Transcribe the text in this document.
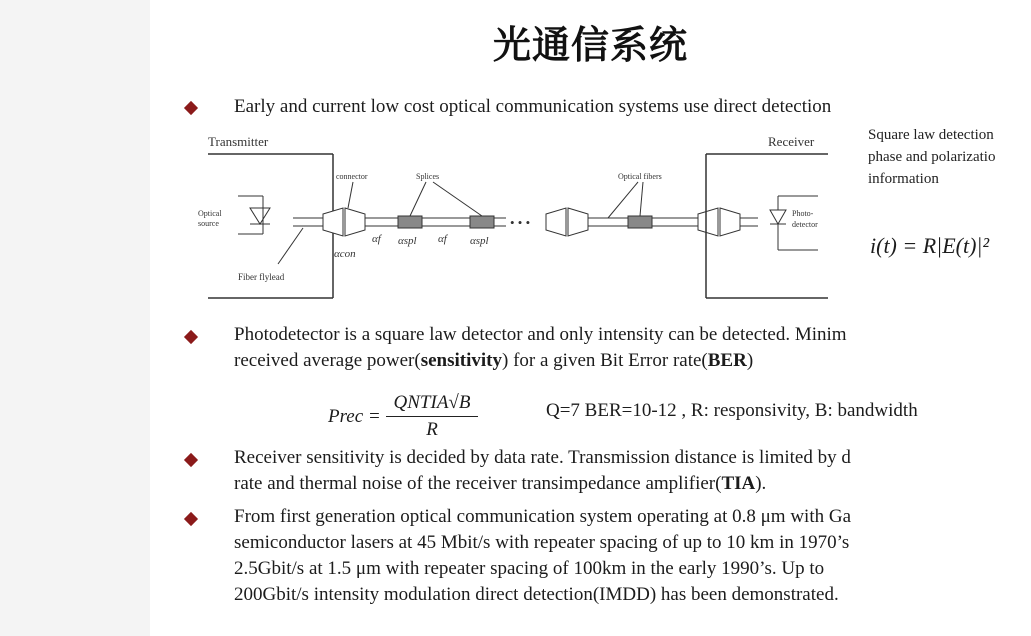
光通信系统
Early and current low cost optical communication systems use direct detection
Transmitter
Optical
source	• • •
Receiver
Photo-
detector
connector	Splices	Optical fibers
Fiber flylead
αcon
αf αspl αf αspl
Square law detection
phase and polarizatio
information
i(t) = R|E(t)|²
Photodetector is a square law detector and only intensity can be detected. Minim
received average power(sensitivity) for a given Bit Error rate(BER)
Prec =
QNTIA√B
R
Q=7 BER=10-12 , R: responsivity, B: bandwidth
Receiver sensitivity is decided by data rate. Transmission distance is limited by d
rate and thermal noise of the receiver transimpedance amplifier(TIA).
From first generation optical communication system operating at 0.8 μm with Ga
semiconductor lasers at 45 Mbit/s with repeater spacing of up to 10 km in 1970’s
2.5Gbit/s at 1.5 μm with repeater spacing of 100km in the early 1990’s. Up to
200Gbit/s intensity modulation direct detection(IMDD) has been demonstrated.
